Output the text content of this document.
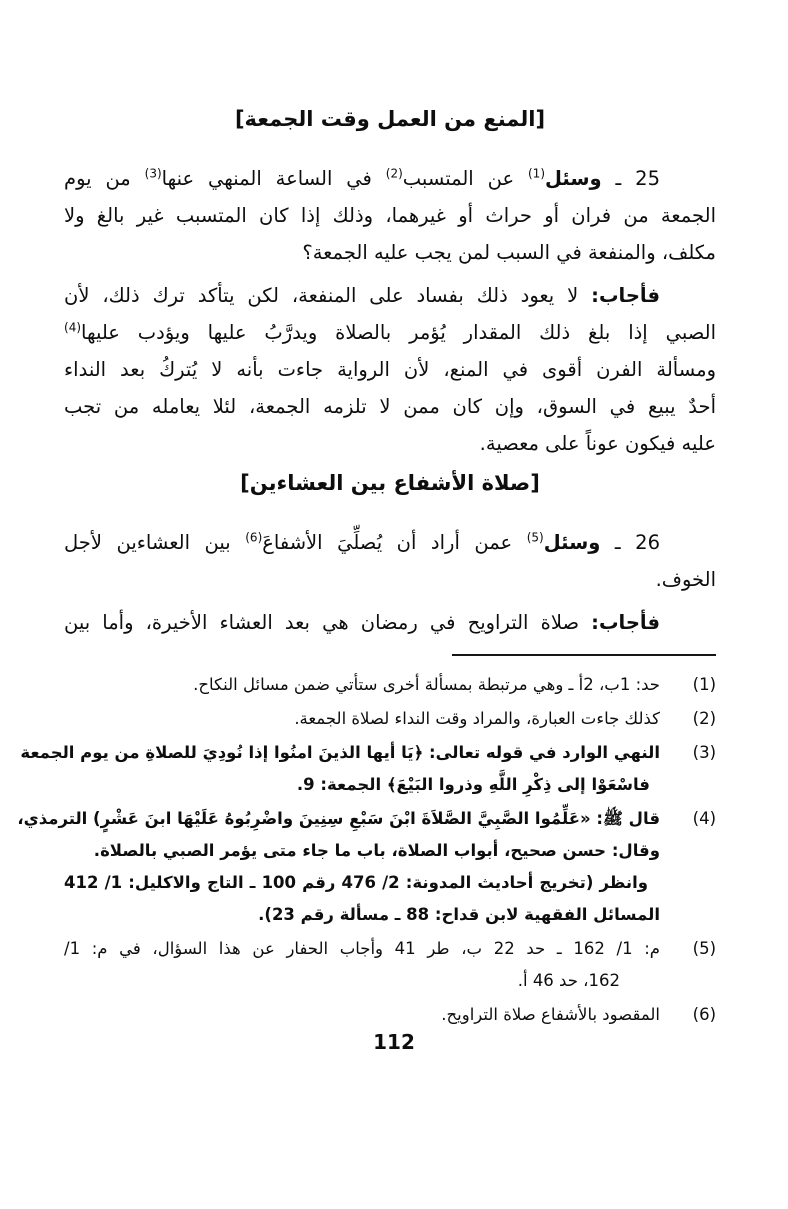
[المنع من العمل وقت الجمعة]
25 ـ وسئل$^{(1)}$ عن المتسبب$^{(2)}$ في الساعة المنهي عنها$^{(3)}$ من يوم
الجمعة من فران أو حراث أو غيرهما، وذلك إذا كان المتسبب غير بالغ ولا
مكلف، والمنفعة في السبب لمن يجب عليه الجمعة؟
فأجاب: لا يعود ذلك بفساد على المنفعة، لكن يتأكد ترك ذلك، لأن
الصبي إذا بلغ ذلك المقدار يُؤمر بالصلاة ويدرَّبُ عليها ويؤدب عليها$^{(4)}$
ومسألة الفرن أقوى في المنع، لأن الرواية جاءت بأنه لا يُتركُ بعد النداء
أحدٌ يبيع في السوق، وإن كان ممن لا تلزمه الجمعة، لئلا يعامله من تجب
عليه فيكون عوناً على معصية.
[صلاة الأشفاع بين العشاءين]
26 ـ وسئل$^{(5)}$ عمن أراد أن يُصلِّيَ الأشفاعَ$^{(6)}$ بين العشاءين لأجل
الخوف.
فأجاب: صلاة التراويح في رمضان هي بعد العشاء الأخيرة، وأما بين
(1)
حد: 1ب، 2أ ـ وهي مرتبطة بمسألة أخرى ستأتي ضمن مسائل النكاح.
(2)
كذلك جاءت العبارة، والمراد وقت النداء لصلاة الجمعة.
(3)
النهي الوارد في قوله تعالى: ﴿يَا أيها الذينَ امنُوا إذا نُودِيَ للصلاةِ من يوم الجمعة
فاسْعَوْا إلى ذِكْرِ اللَّهِ وذروا البَيْعَ﴾ الجمعة: 9.
(4)
قال ﷺ: «عَلِّمُوا الصَّبِيَّ الصَّلاَةَ ابْنَ سَبْعِ سِنِينَ واضْرِبُوهُ عَلَيْهَا ابنَ عَشْرٍ) الترمذي،
وقال: حسن صحيح، أبواب الصلاة، باب ما جاء متى يؤمر الصبي بالصلاة.
وانظر (تخريج أحاديث المدونة: 2/ 476 رقم 100 ـ التاج والاكليل: 1/ 412
المسائل الفقهية لابن قداح: 88 ـ مسألة رقم 23).
(5)
م: 1/ 162 ـ حد 22 ب، طر 41 وأجاب الحفار عن هذا السؤال، في م: 1/
162، حد 46 أ.
(6)
المقصود بالأشفاع صلاة التراويح.
112
